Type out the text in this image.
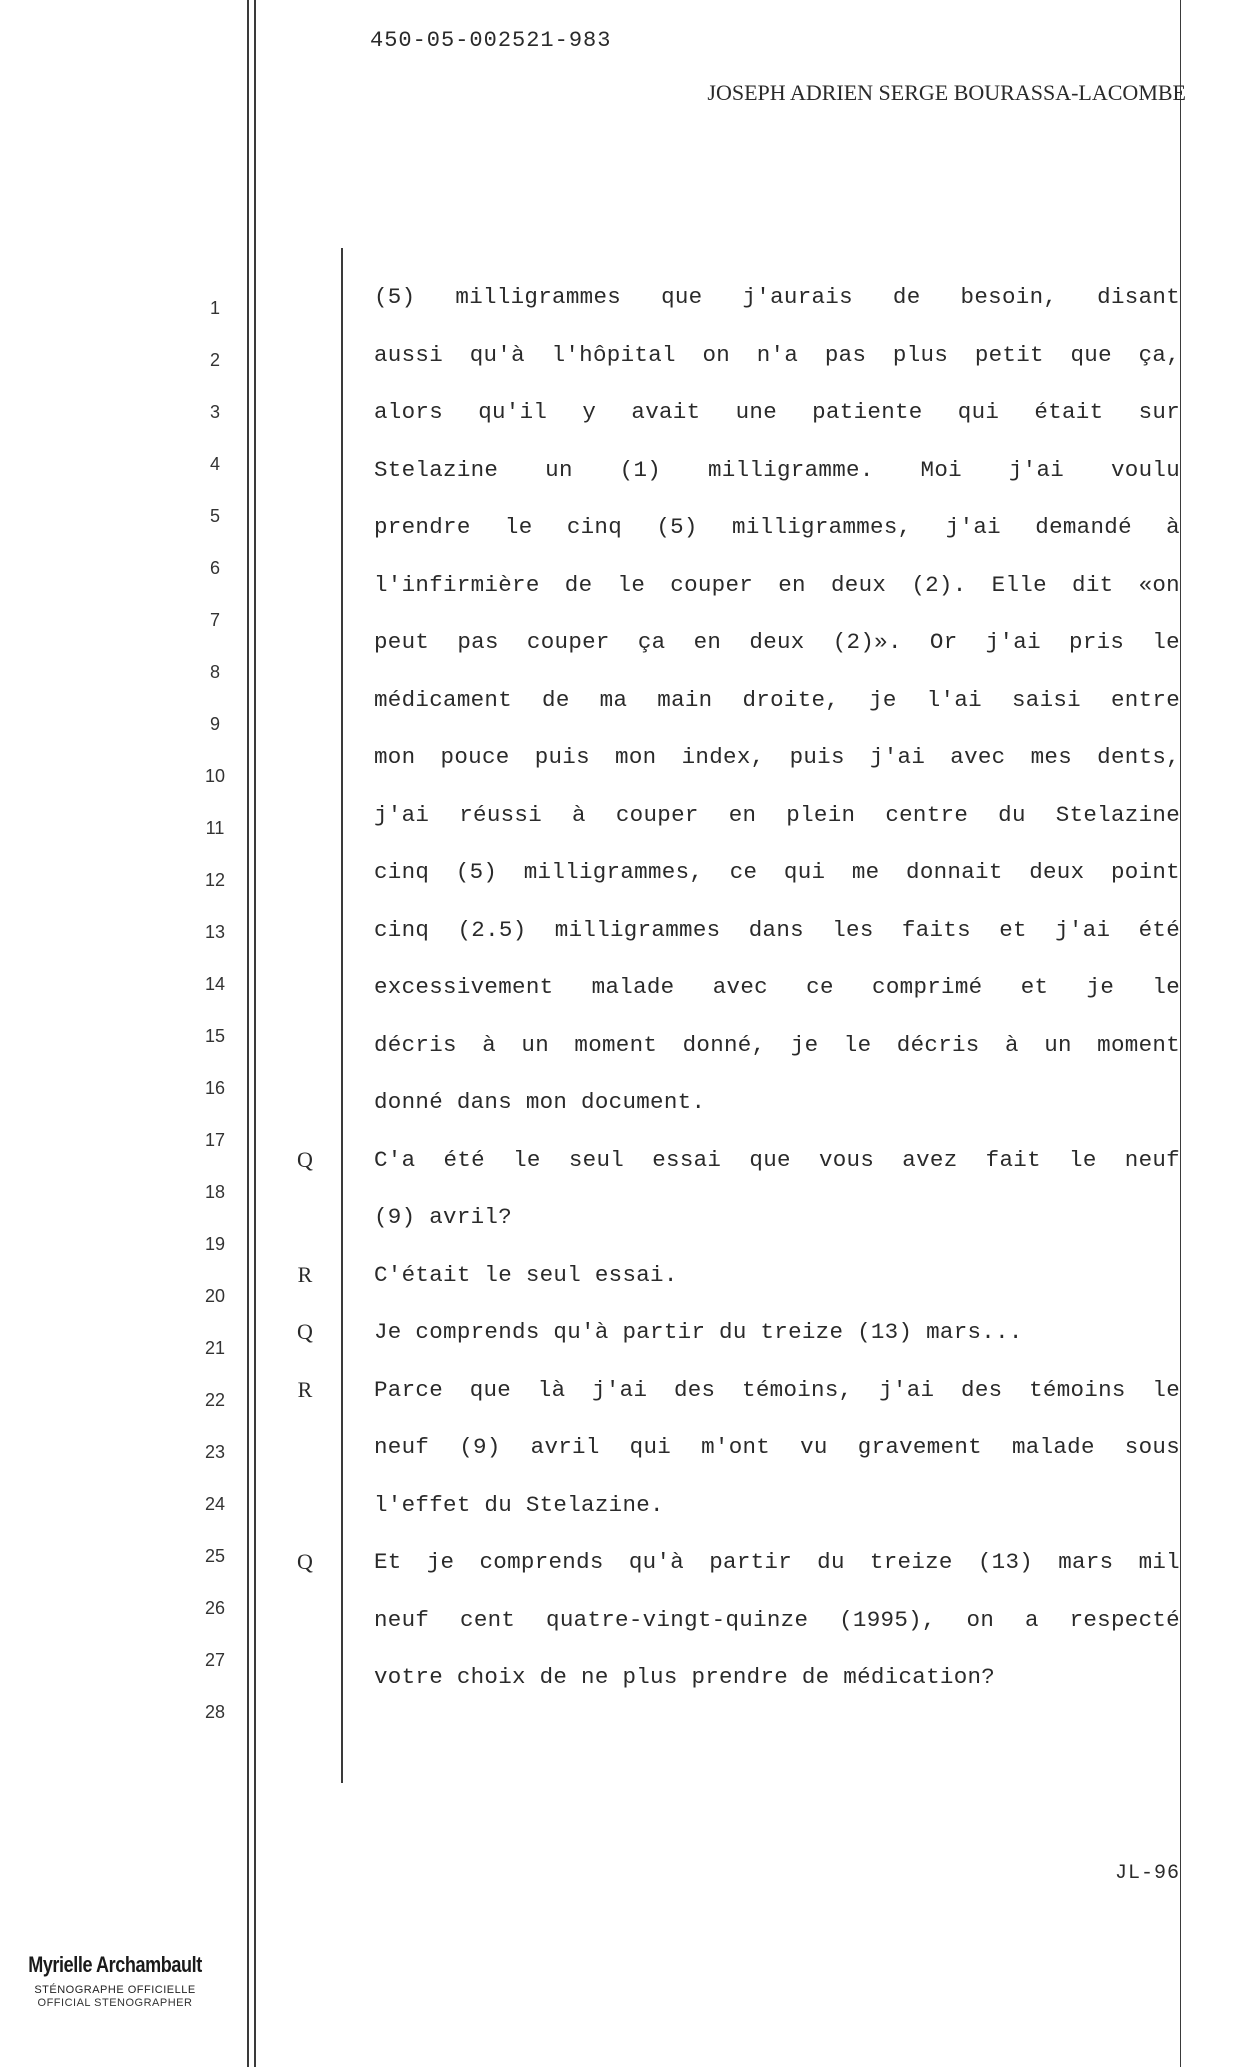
450-05-002521-983
JOSEPH ADRIEN SERGE BOURASSA-LACOMBE
1
2
3
4
5
6
7
8
9
10
11
12
13
14
15
16
17
18
19
20
21
22
23
24
25
26
27
28
(5) milligrammes que j'aurais de besoin, disant
aussi qu'à l'hôpital on n'a pas plus petit que ça,
alors qu'il y avait une patiente qui était sur
Stelazine un (1) milligramme. Moi j'ai voulu
prendre le cinq (5) milligrammes, j'ai demandé à
l'infirmière de le couper en deux (2). Elle dit «on
peut pas couper ça en deux (2)». Or j'ai pris le
médicament de ma main droite, je l'ai saisi entre
mon pouce puis mon index, puis j'ai avec mes dents,
j'ai réussi à couper en plein centre du Stelazine
cinq (5) milligrammes, ce qui me donnait deux point
cinq (2.5) milligrammes dans les faits et j'ai été
excessivement malade avec ce comprimé et je le
décris à un moment donné, je le décris à un moment
donné dans mon document.
Q	C'a été le seul essai que vous avez fait le neuf
(9) avril?
R	C'était le seul essai.
Q	Je comprends qu'à partir du treize (13) mars...
R	Parce que là j'ai des témoins, j'ai des témoins le
neuf (9) avril qui m'ont vu gravement malade sous
l'effet du Stelazine.
Q	Et je comprends qu'à partir du treize (13) mars mil
neuf cent quatre-vingt-quinze (1995), on a respecté
votre choix de ne plus prendre de médication?
JL-96
Myrielle Archambault
STÉNOGRAPHE OFFICIELLE
OFFICIAL STENOGRAPHER
